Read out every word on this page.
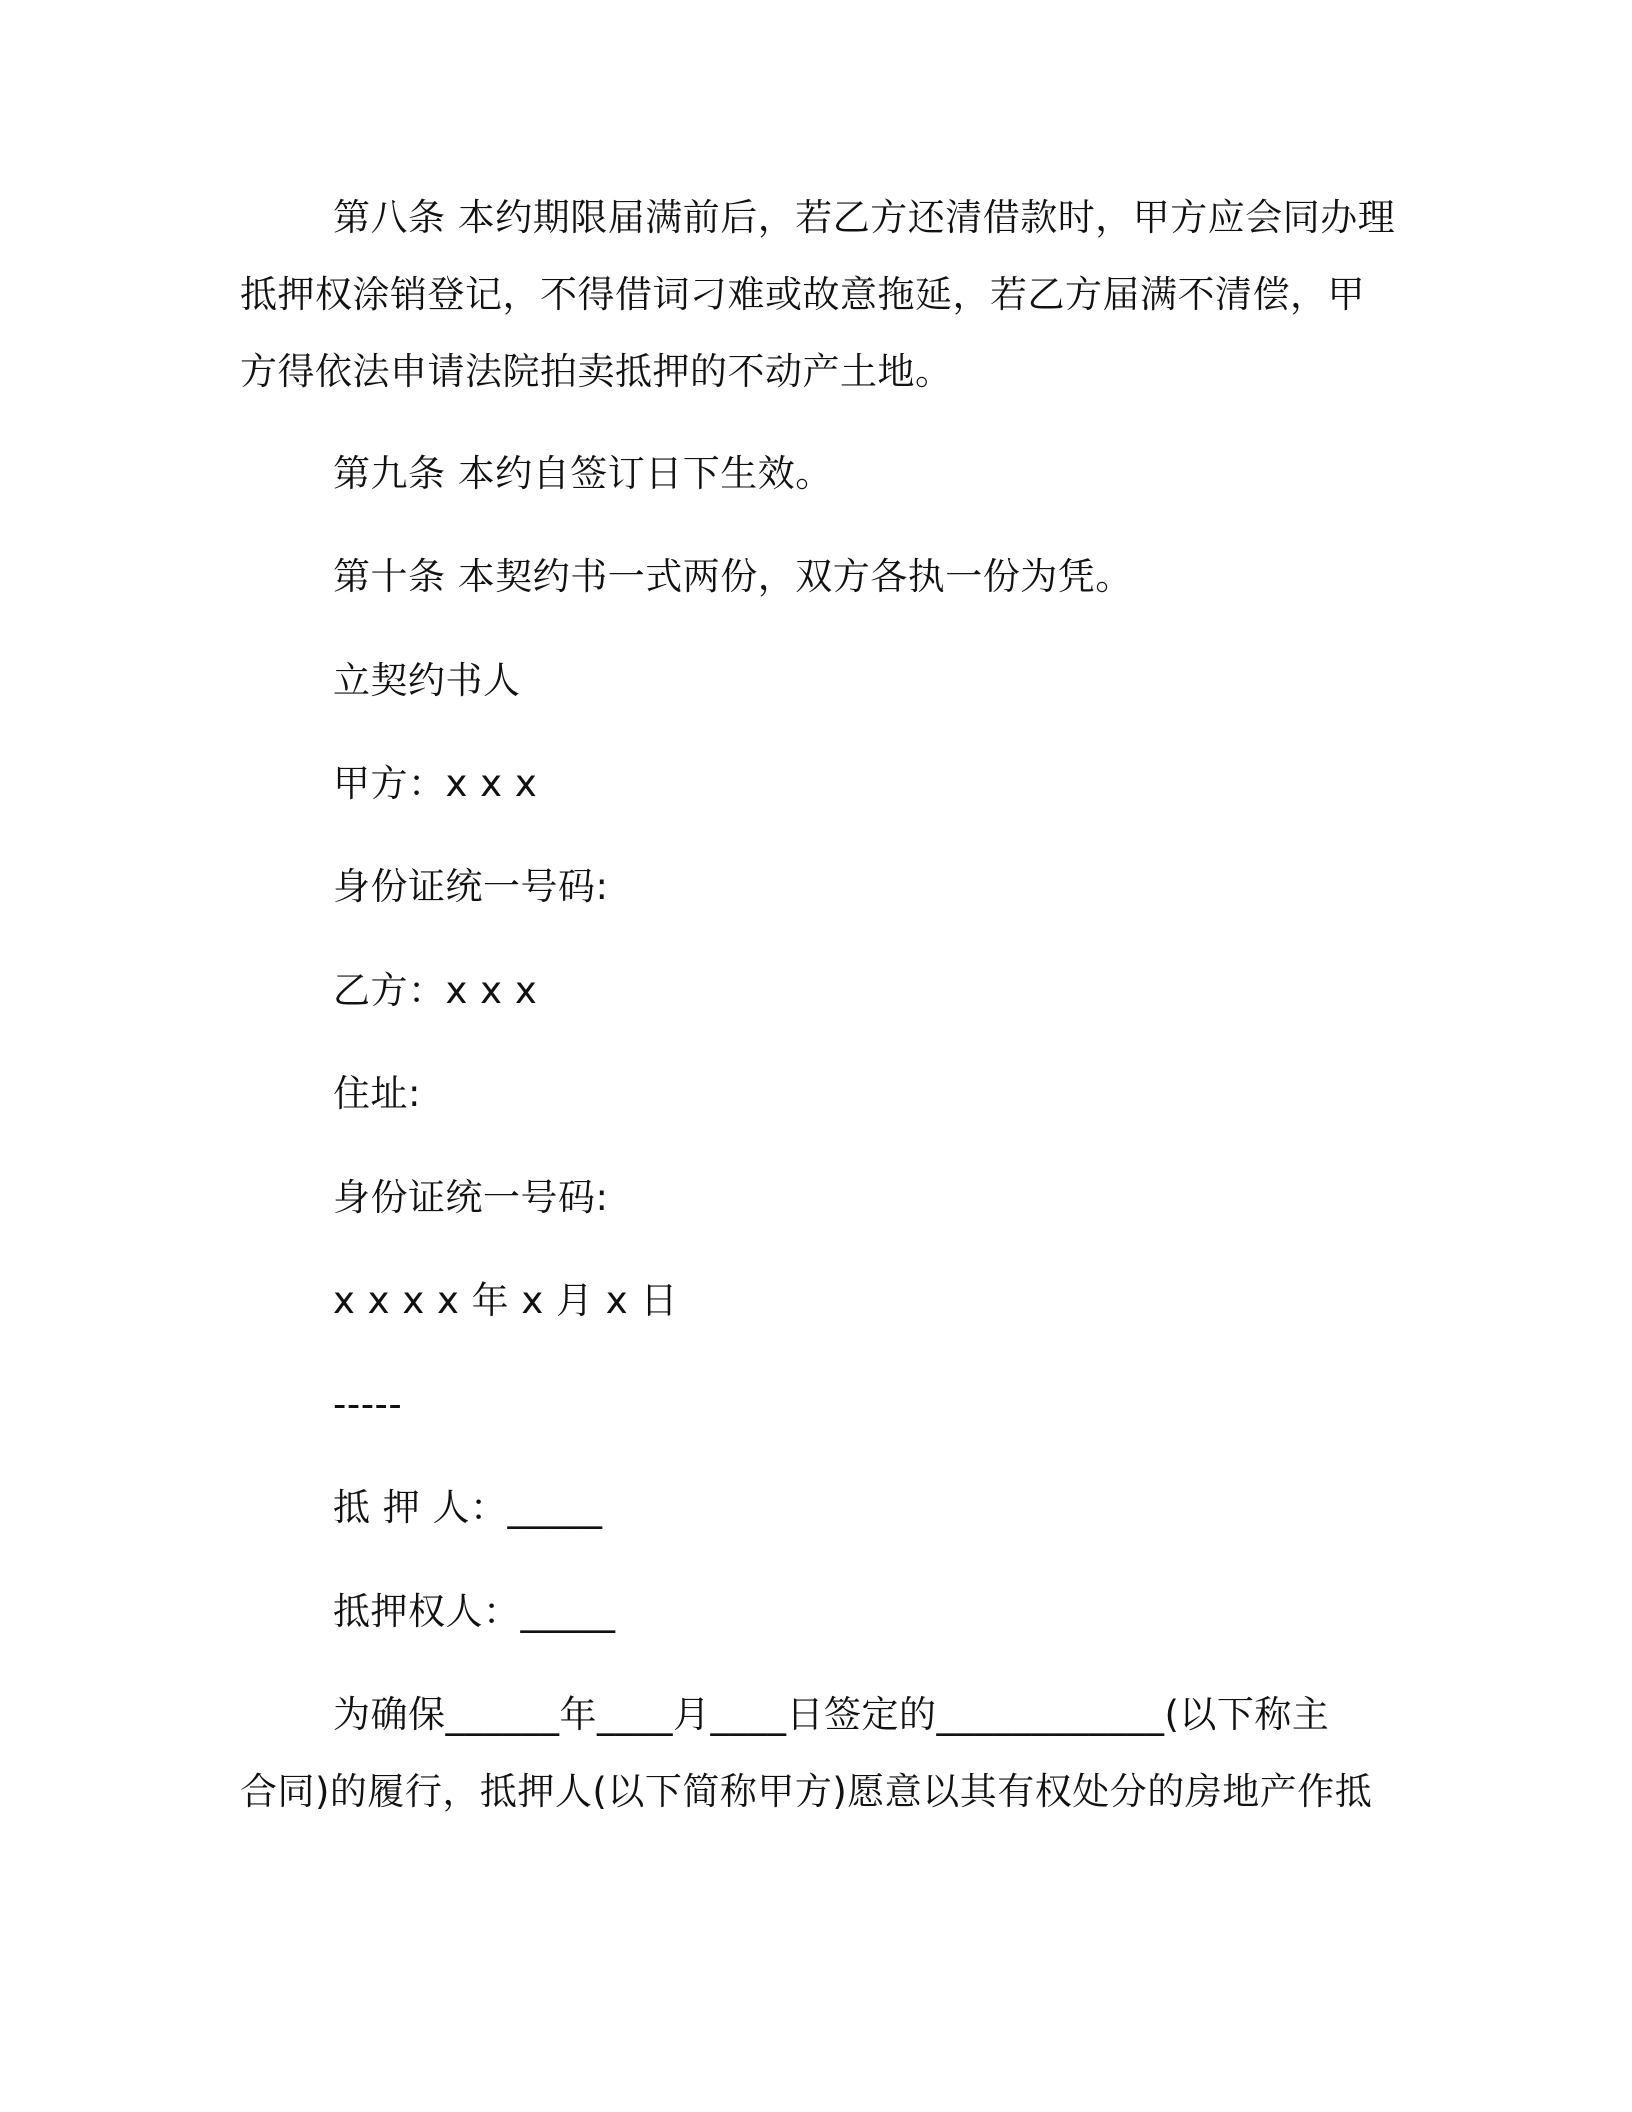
第八条 本约期限届满前后，若乙方还清借款时，甲方应会同办理
抵押权涂销登记，不得借词刁难或故意拖延，若乙方届满不清偿，甲
方得依法申请法院拍卖抵押的不动产土地。
第九条 本约自签订日下生效。
第十条 本契约书一式两份，双方各执一份为凭。
立契约书人
甲方：x x x
身份证统一号码:
乙方：x x x
住址:
身份证统一号码:
x x x x 年 x 月 x 日
-----
抵 押 人：_____
抵押权人：_____
为确保______年____月____日签定的____________(以下称主
合同)的履行，抵押人(以下简称甲方)愿意以其有权处分的房地产作抵
